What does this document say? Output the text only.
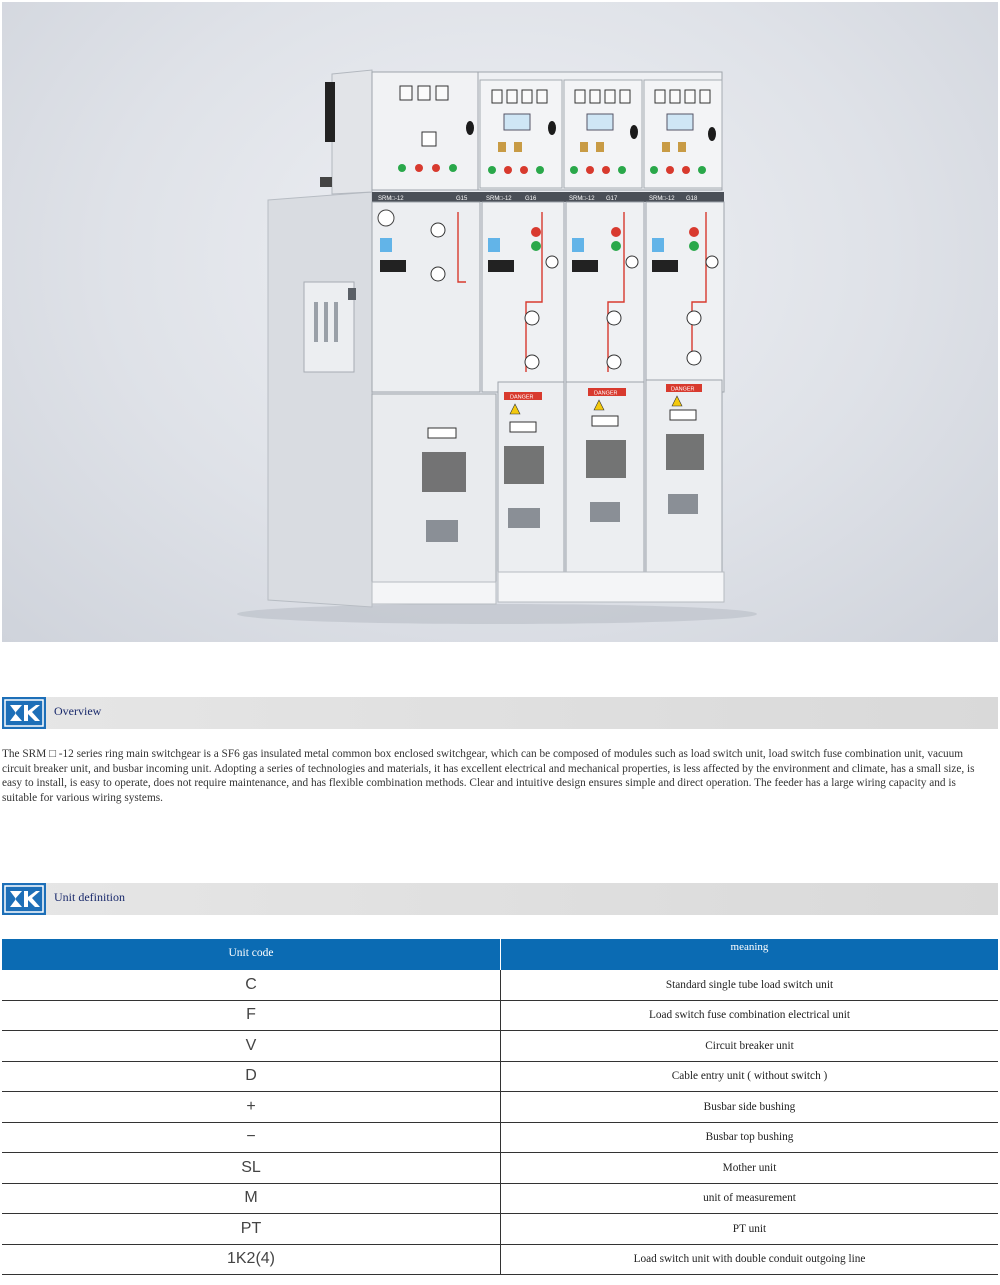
SRM□-12	SRM□-12	SRM□-12	SRM□-12
G15	G16	G17	G18
DANGER
DANGER
DANGER
Overview
The SRM □ -12 series ring main switchgear is a SF6 gas insulated metal common box enclosed switchgear, which can be composed of modules such as load switch unit, load switch fuse combination unit, vacuum circuit breaker unit, and busbar incoming unit. Adopting a series of technologies and materials, it has excellent electrical and mechanical properties, is less affected by the environment and climate, has a small size, is easy to install, is easy to operate, does not require maintenance, and has flexible combination methods. Clear and intuitive design ensures simple and direct operation. The feeder has a large wiring capacity and is suitable for various wiring systems.
Unit definition
Unit code	meaning
C	Standard single tube load switch unit
F	Load switch fuse combination electrical unit
V	Circuit breaker unit
D	Cable entry unit ( without switch )
+	Busbar side bushing
−	Busbar top bushing
SL	Mother unit
M	unit of measurement
PT	PT unit
1K2(4)	Load switch unit with double conduit outgoing line
